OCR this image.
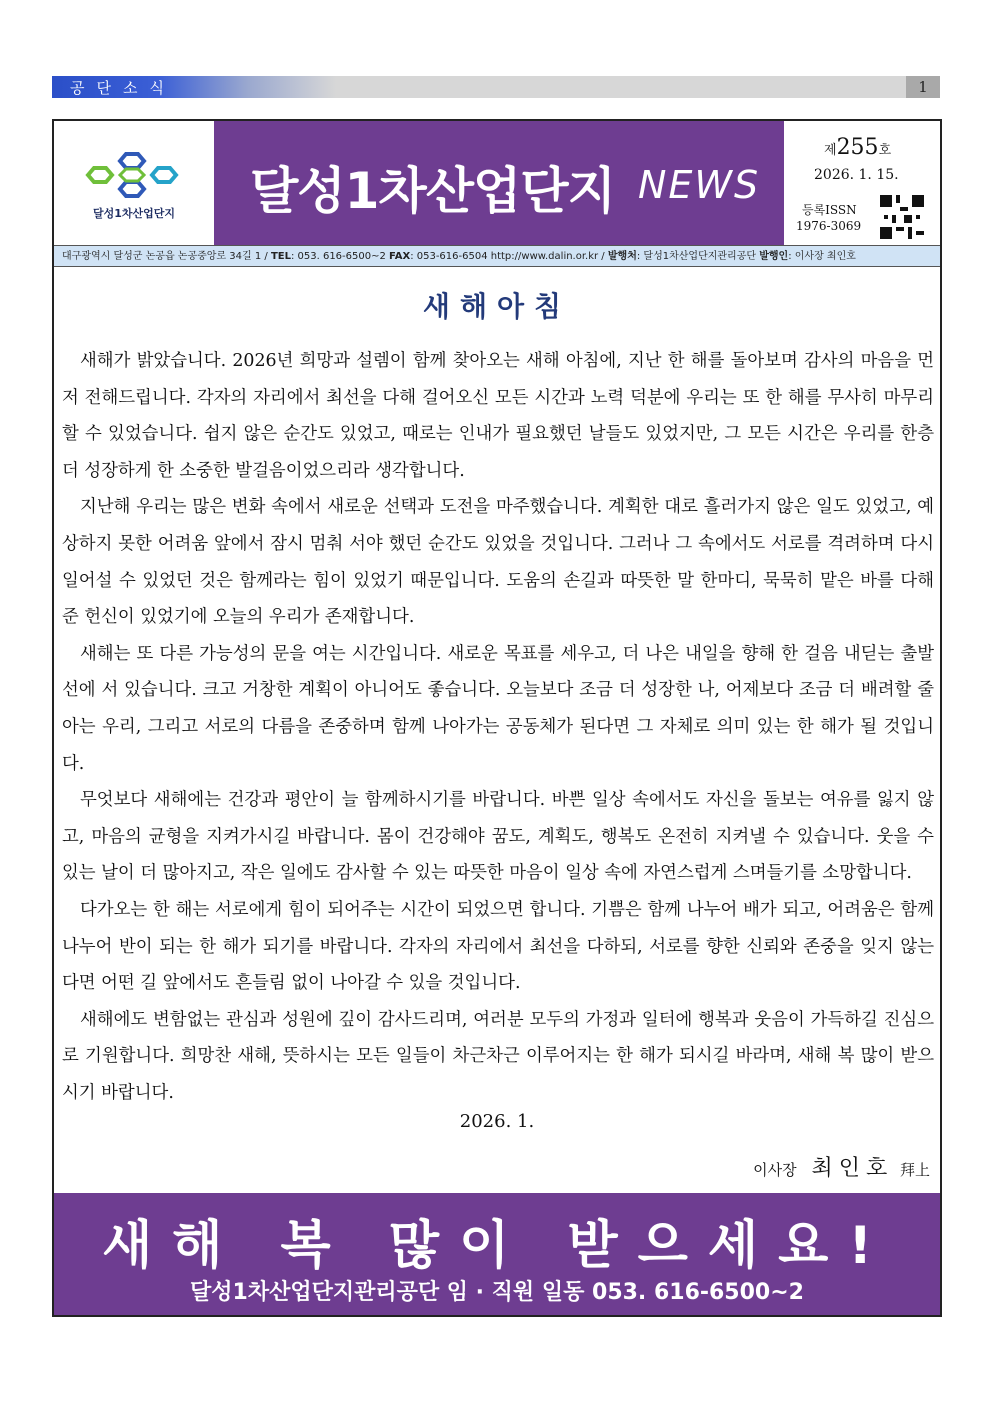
공단소식	1
달성1차산업단지	달성1차산업단지 NEWS
제255호
2026. 1. 15.
등록ISSN
1976-3069
대구광역시 달성군 논공읍 논공중앙로 34길 1 / TEL: 053. 616-6500~2 FAX: 053-616-6504 http://www.dalin.or.kr / 발행처: 달성1차산업단지관리공단 발행인: 이사장 최인호
새해아침

새해가 밝았습니다. 2026년 희망과 설렘이 함께 찾아오는 새해 아침에, 지난 한 해를 돌아보며 감사의 마음을 먼저 전해드립니다. 각자의 자리에서 최선을 다해 걸어오신 모든 시간과 노력 덕분에 우리는 또 한 해를 무사히 마무리할 수 있었습니다. 쉽지 않은 순간도 있었고, 때로는 인내가 필요했던 날들도 있었지만, 그 모든 시간은 우리를 한층 더 성장하게 한 소중한 발걸음이었으리라 생각합니다.

지난해 우리는 많은 변화 속에서 새로운 선택과 도전을 마주했습니다. 계획한 대로 흘러가지 않은 일도 있었고, 예상하지 못한 어려움 앞에서 잠시 멈춰 서야 했던 순간도 있었을 것입니다. 그러나 그 속에서도 서로를 격려하며 다시 일어설 수 있었던 것은 함께라는 힘이 있었기 때문입니다. 도움의 손길과 따뜻한 말 한마디, 묵묵히 맡은 바를 다해준 헌신이 있었기에 오늘의 우리가 존재합니다.

새해는 또 다른 가능성의 문을 여는 시간입니다. 새로운 목표를 세우고, 더 나은 내일을 향해 한 걸음 내딛는 출발선에 서 있습니다. 크고 거창한 계획이 아니어도 좋습니다. 오늘보다 조금 더 성장한 나, 어제보다 조금 더 배려할 줄 아는 우리, 그리고 서로의 다름을 존중하며 함께 나아가는 공동체가 된다면 그 자체로 의미 있는 한 해가 될 것입니다.

무엇보다 새해에는 건강과 평안이 늘 함께하시기를 바랍니다. 바쁜 일상 속에서도 자신을 돌보는 여유를 잃지 않고, 마음의 균형을 지켜가시길 바랍니다. 몸이 건강해야 꿈도, 계획도, 행복도 온전히 지켜낼 수 있습니다. 웃을 수 있는 날이 더 많아지고, 작은 일에도 감사할 수 있는 따뜻한 마음이 일상 속에 자연스럽게 스며들기를 소망합니다.

다가오는 한 해는 서로에게 힘이 되어주는 시간이 되었으면 합니다. 기쁨은 함께 나누어 배가 되고, 어려움은 함께 나누어 반이 되는 한 해가 되기를 바랍니다. 각자의 자리에서 최선을 다하되, 서로를 향한 신뢰와 존중을 잊지 않는다면 어떤 길 앞에서도 흔들림 없이 나아갈 수 있을 것입니다.

새해에도 변함없는 관심과 성원에 깊이 감사드리며, 여러분 모두의 가정과 일터에 행복과 웃음이 가득하길 진심으로 기원합니다. 희망찬 새해, 뜻하시는 모든 일들이 차근차근 이루어지는 한 해가 되시길 바라며, 새해 복 많이 받으시기 바랍니다.

2026. 1.
이사장 최인호 拜上
새해 복 많이 받으세요!
달성1차산업단지관리공단 임 · 직원 일동 053. 616-6500~2
